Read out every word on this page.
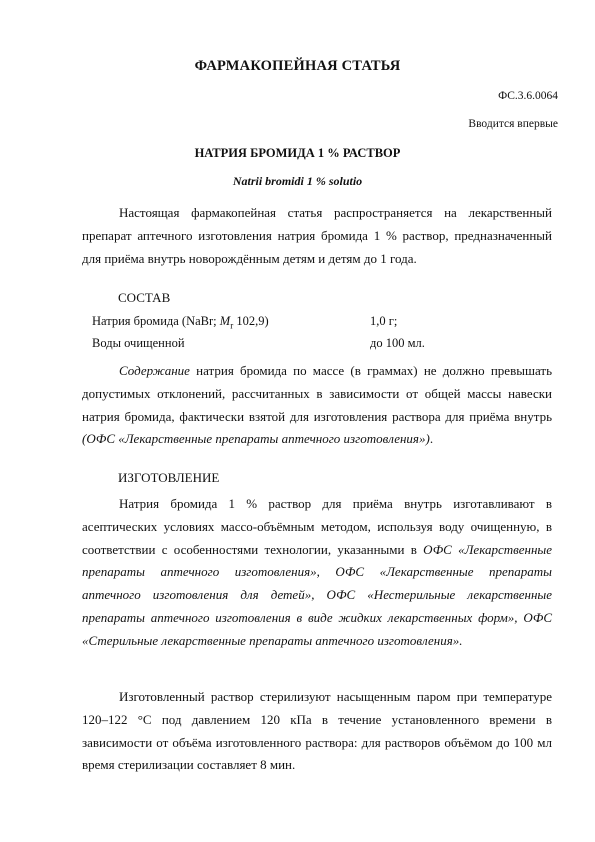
ФАРМАКОПЕЙНАЯ СТАТЬЯ
ФС.3.6.0064
Вводится впервые
НАТРИЯ БРОМИДА 1 % РАСТВОР
Natrii bromidi 1 % solutio
Настоящая фармакопейная статья распространяется на лекарственный препарат аптечного изготовления натрия бромида 1 % раствор, предназначенный для приёма внутрь новорождённым детям и детям до 1 года.
СОСТАВ
Натрия бромида (NaBr; $M_r$ 102,9)	1,0 г;
Воды очищенной	до 100 мл.
Содержание натрия бромида по массе (в граммах) не должно превышать допустимых отклонений, рассчитанных в зависимости от общей массы навески натрия бромида, фактически взятой для изготовления раствора для приёма внутрь (ОФС «Лекарственные препараты аптечного изготовления»).
ИЗГОТОВЛЕНИЕ
Натрия бромида 1 % раствор для приёма внутрь изготавливают в асептических условиях массо-объёмным методом, используя воду очищенную, в соответствии с особенностями технологии, указанными в ОФС «Лекарственные препараты аптечного изготовления», ОФС «Лекарственные препараты аптечного изготовления для детей», ОФС «Нестерильные лекарственные препараты аптечного изготовления в виде жидких лекарственных форм», ОФС «Стерильные лекарственные препараты аптечного изготовления».
Изготовленный раствор стерилизуют насыщенным паром при температуре 120–122 °С под давлением 120 кПа в течение установленного времени в зависимости от объёма изготовленного раствора: для растворов объёмом до 100 мл время стерилизации составляет 8 мин.
